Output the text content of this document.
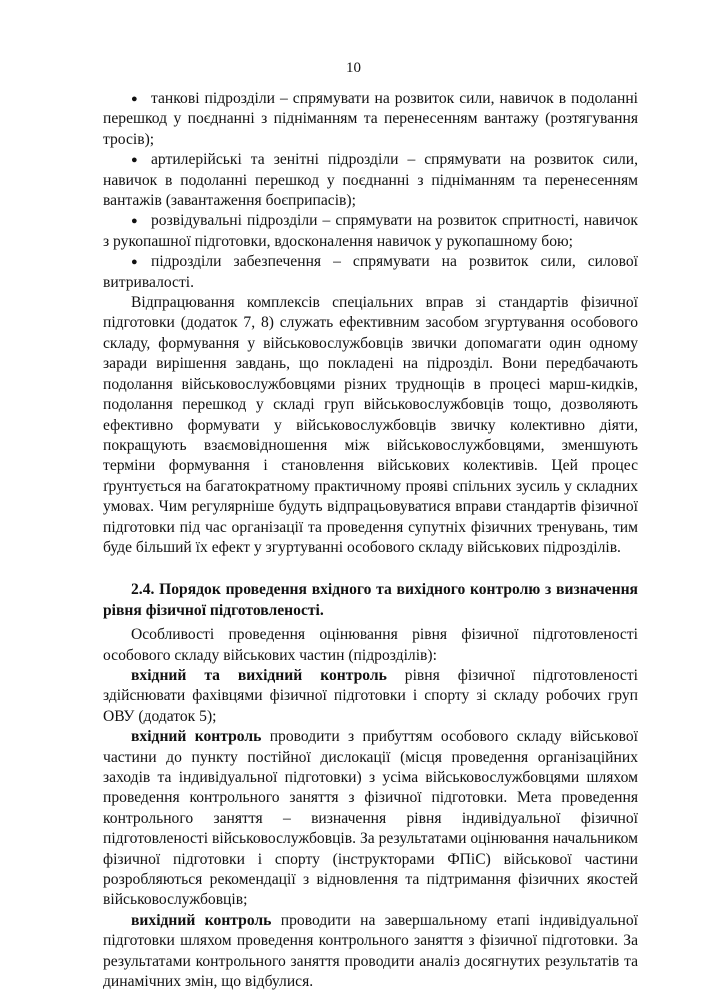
10

● танкові підрозділи – спрямувати на розвиток сили, навичок в подоланні перешкод у поєднанні з підніманням та перенесенням вантажу (розтягування тросів);

● артилерійські та зенітні підрозділи – спрямувати на розвиток сили, навичок в подоланні перешкод у поєднанні з підніманням та перенесенням вантажів (завантаження боєприпасів);

● розвідувальні підрозділи – спрямувати на розвиток спритності, навичок з рукопашної підготовки, вдосконалення навичок у рукопашному бою;

● підрозділи забезпечення – спрямувати на розвиток сили, силової витривалості.

Відпрацювання комплексів спеціальних вправ зі стандартів фізичної підготовки (додаток 7, 8) служать ефективним засобом згуртування особового складу, формування у військовослужбовців звички допомагати один одному заради вирішення завдань, що покладені на підрозділ. Вони передбачають подолання військовослужбовцями різних труднощів в процесі марш-кидків, подолання перешкод у складі груп військовослужбовців тощо, дозволяють ефективно формувати у військовослужбовців звичку колективно діяти, покращують взаємовідношення між військовослужбовцями, зменшують терміни формування і становлення військових колективів. Цей процес ґрунтується на багатократному практичному прояві спільних зусиль у складних умовах. Чим регулярніше будуть відпрацьовуватися вправи стандартів фізичної підготовки під час організації та проведення супутніх фізичних тренувань, тим буде більший їх ефект у згуртуванні особового складу військових підрозділів.

2.4. Порядок проведення вхідного та вихідного контролю з визначення рівня фізичної підготовленості.

Особливості проведення оцінювання рівня фізичної підготовленості особового складу військових частин (підрозділів):

вхідний та вихідний контроль рівня фізичної підготовленості здійснювати фахівцями фізичної підготовки і спорту зі складу робочих груп ОВУ (додаток 5);

вхідний контроль проводити з прибуттям особового складу військової частини до пункту постійної дислокації (місця проведення організаційних заходів та індивідуальної підготовки) з усіма військовослужбовцями шляхом проведення контрольного заняття з фізичної підготовки. Мета проведення контрольного заняття – визначення рівня індивідуальної фізичної підготовленості військовослужбовців. За результатами оцінювання начальником фізичної підготовки і спорту (інструкторами ФПіС) військової частини розробляються рекомендації з відновлення та підтримання фізичних якостей військовослужбовців;

вихідний контроль проводити на завершальному етапі індивідуальної підготовки шляхом проведення контрольного заняття з фізичної підготовки. За результатами контрольного заняття проводити аналіз досягнутих результатів та динамічних змін, що відбулися.
